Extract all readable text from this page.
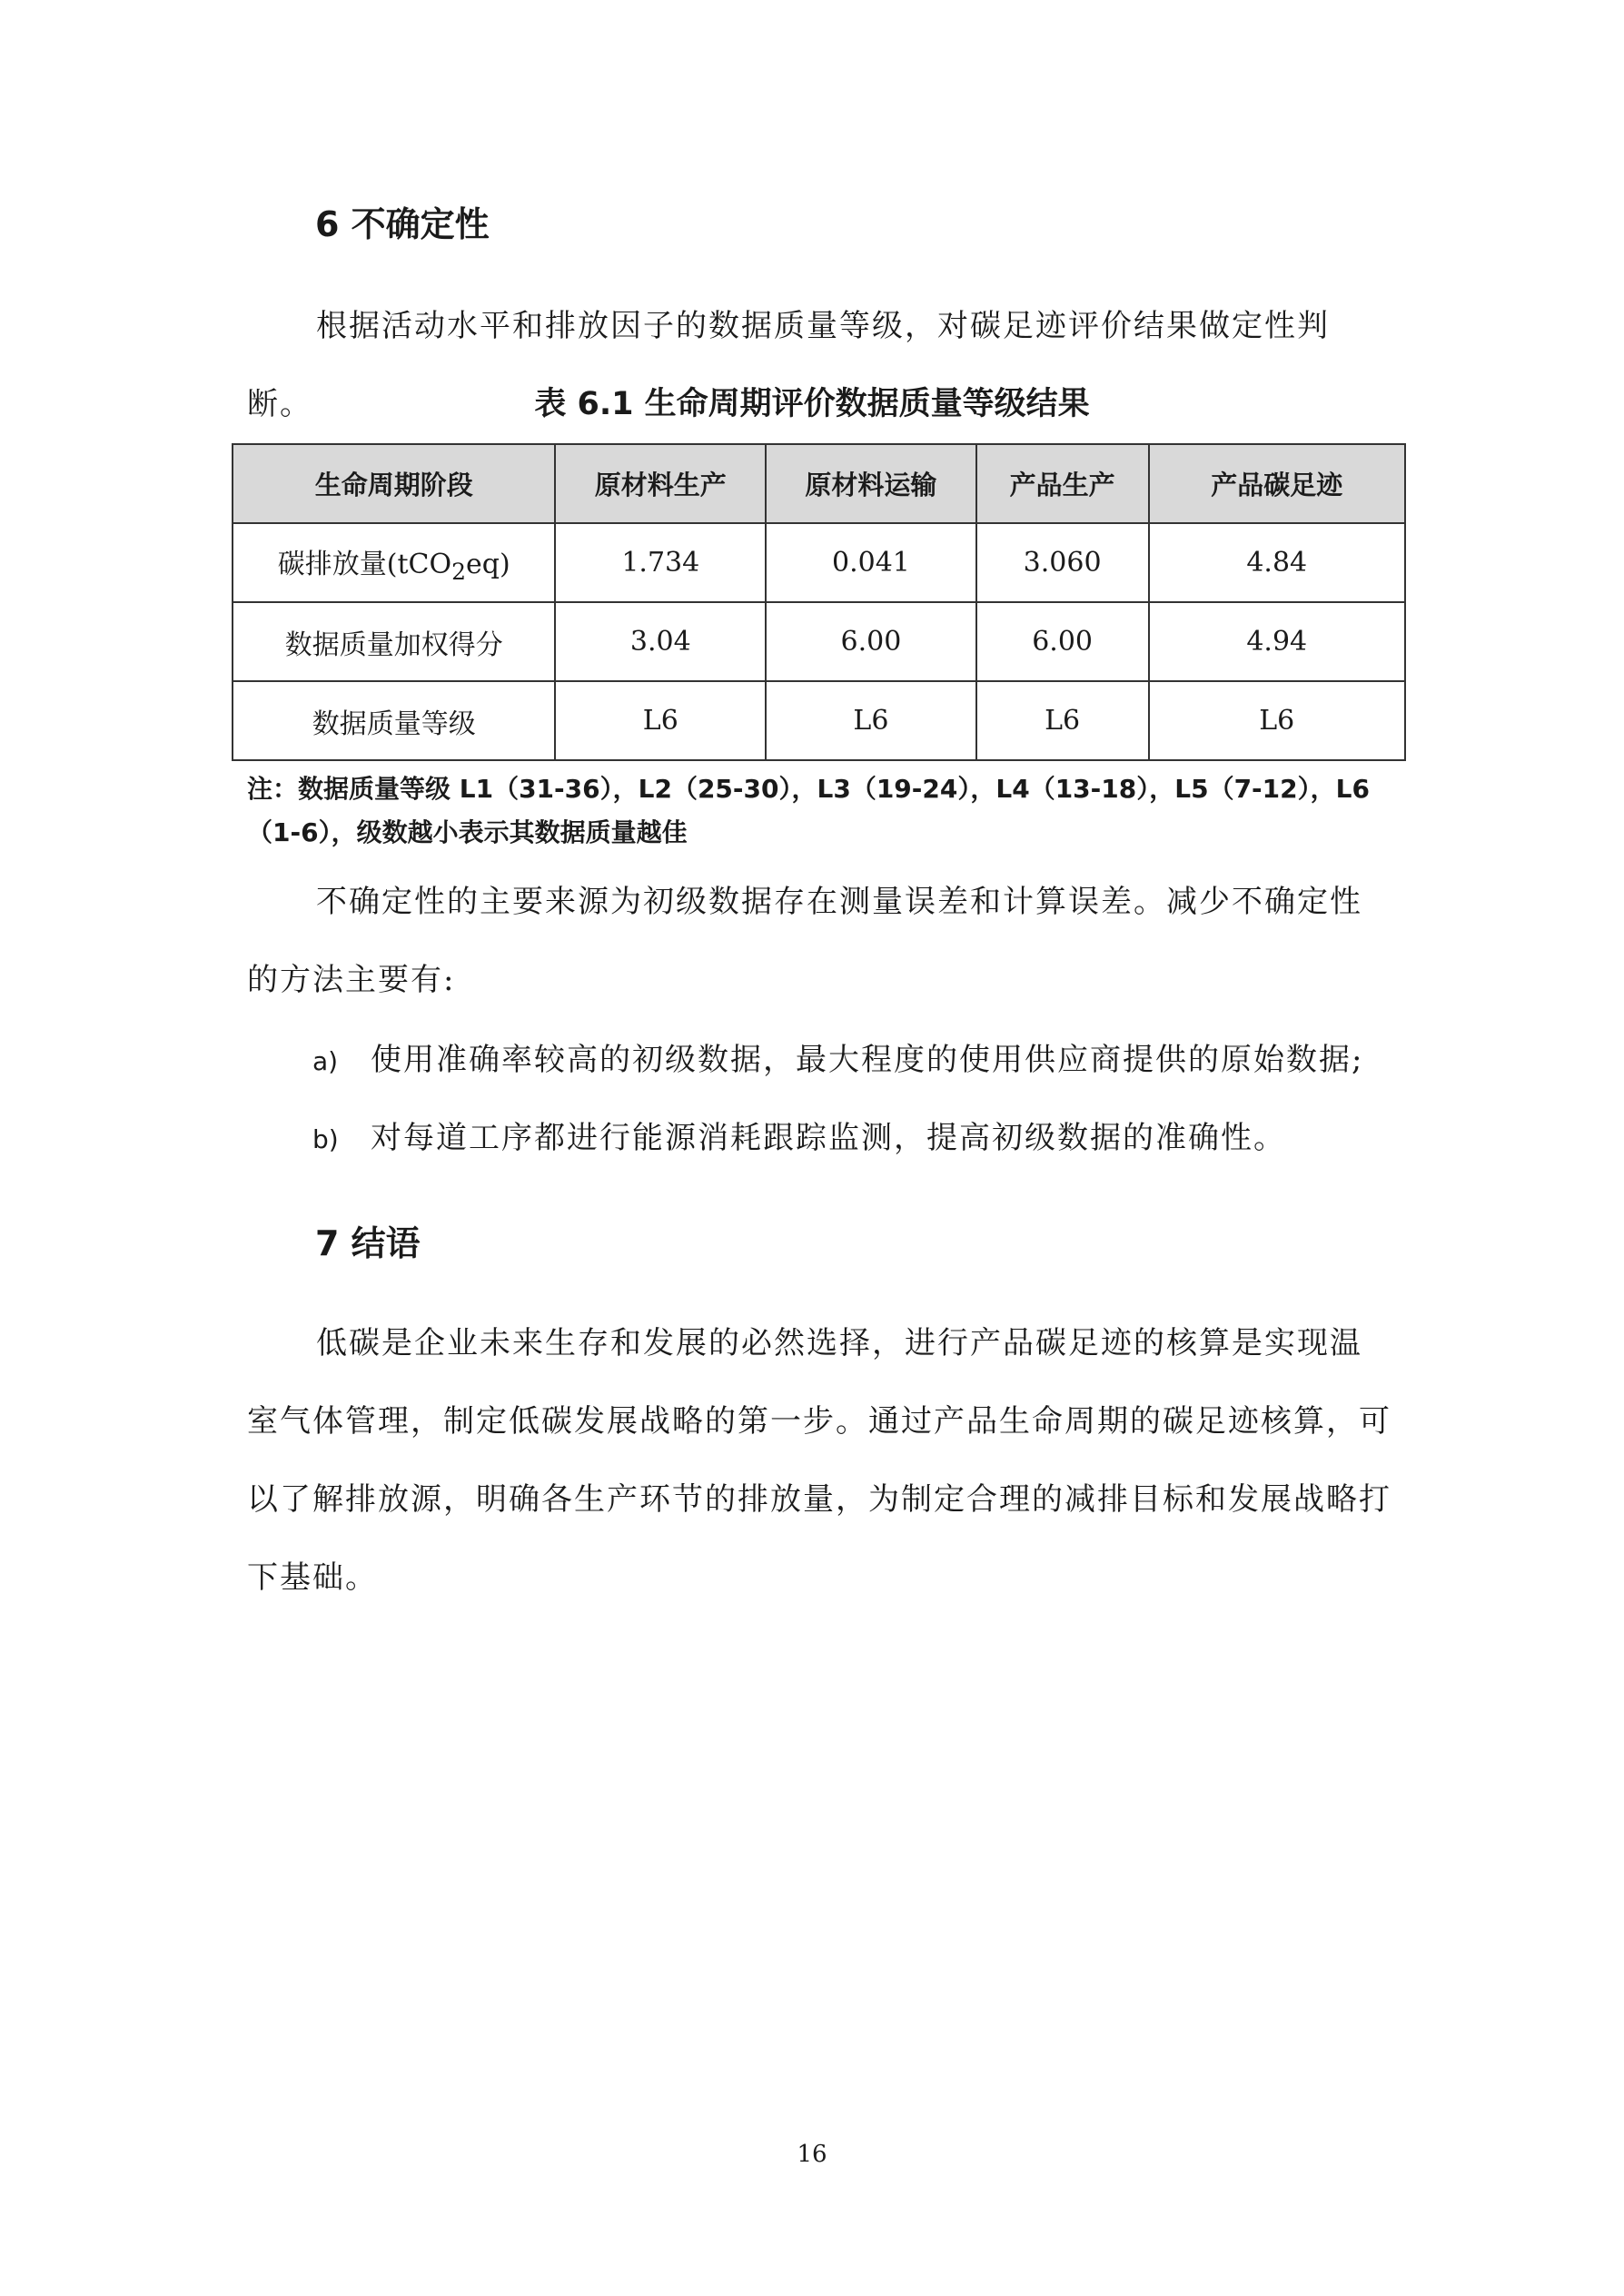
6 不确定性

根据活动水平和排放因子的数据质量等级，对碳足迹评价结果做定性判断。	表 6.1 生命周期评价数据质量等级结果
生命周期阶段	原材料生产	原材料运输	产品生产	产品碳足迹
碳排放量(tCO$_2$eq)	1.734	0.041	3.060	4.84
数据质量加权得分	3.04	6.00	6.00	4.94
数据质量等级	L6	L6	L6	L6

注：数据质量等级 L1（31-36），L2（25-30），L3（19-24），L4（13-18），L5（7-12），L6（1-6），级数越小表示其数据质量越佳

不确定性的主要来源为初级数据存在测量误差和计算误差。减少不确定性的方法主要有:

a) 使用准确率较高的初级数据，最大程度的使用供应商提供的原始数据;
b) 对每道工序都进行能源消耗跟踪监测，提高初级数据的准确性。
7 结语

低碳是企业未来生存和发展的必然选择，进行产品碳足迹的核算是实现温室气体管理，制定低碳发展战略的第一步。通过产品生命周期的碳足迹核算，可以了解排放源，明确各生产环节的排放量，为制定合理的减排目标和发展战略打下基础。

16
